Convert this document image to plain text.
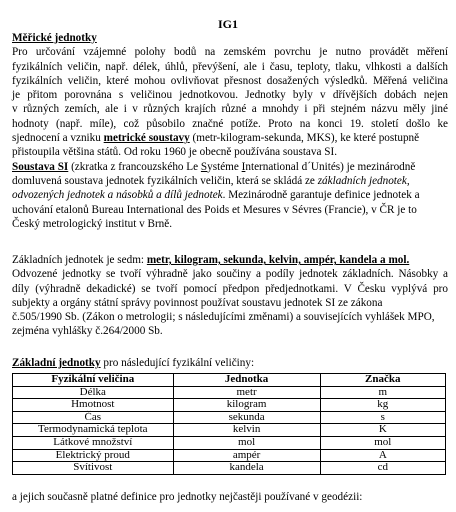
IG1
Měřické jednotky
Pro určování vzájemné polohy bodů na zemském povrchu je nutno provádět měření
fyzikálních veličin, např. délek, úhlů, převýšení, ale i času, teploty, tlaku, vlhkosti a dalších
fyzikálních veličin, které mohou ovlivňovat přesnost dosažených výsledků. Měřená veličina
je přitom porovnána s veličinou jednotkovou. Jednotky byly v dřívějších dobách nejen
v různých zemích, ale i v různých krajích různé a mnohdy i při stejném názvu měly jiné
hodnoty (např. míle), což působilo značné potíže. Proto na konci 19. století došlo ke
sjednocení a vzniku metrické soustavy (metr-kilogram-sekunda, MKS), ke které postupně
přistoupila většina států. Od roku 1960 je obecně používána soustava SI.
Soustava SI (zkratka z francouzského Le Systéme International d´Unités) je mezinárodně
domluvená soustava jednotek fyzikálních veličin, která se skládá ze základních jednotek,
odvozených jednotek a násobků a dílů jednotek. Mezinárodně garantuje definice jednotek a
uchování etalonů Bureau International des Poids et Mesures v Sévres (Francie), v ČR je to
Český metrologický institut v Brně.
Základních jednotek je sedm: metr, kilogram, sekunda, kelvin, ampér, kandela a mol.
Odvozené jednotky se tvoří výhradně jako součiny a podíly jednotek základních. Násobky a
díly (výhradně dekadické) se tvoří pomocí předpon předjednotkami. V Česku vyplývá pro
subjekty a orgány státní správy povinnost používat soustavu jednotek SI ze zákona
č.505/1990 Sb. (Zákon o metrologii; s následujícími změnami) a souvisejících vyhlášek MPO,
zejména vyhlášky č.264/2000 Sb.
Základní jednotky pro následující fyzikální veličiny:
Fyzikální veličina	Jednotka	Značka
Délka	metr	m
Hmotnost	kilogram	kg
Čas	sekunda	s
Termodynamická teplota	kelvin	K
Látkové množství	mol	mol
Elektrický proud	ampér	A
Svítivost	kandela	cd
a jejich současně platné definice pro jednotky nejčastěji používané v geodézii:
